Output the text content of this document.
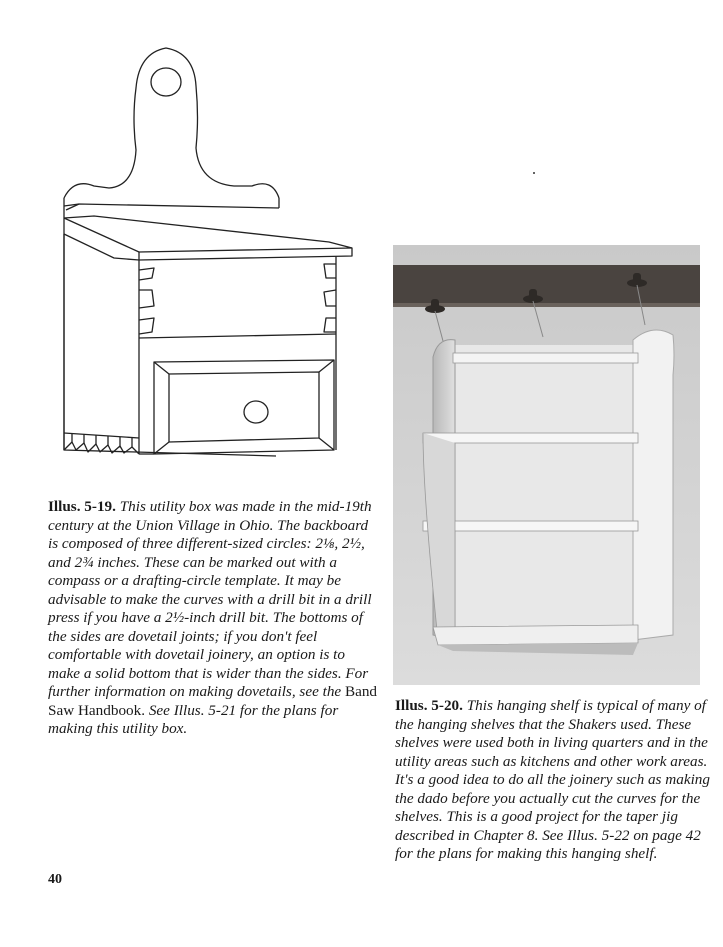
Illus. 5-19. This utility box was made in the mid-19th century at the Union Village in Ohio. The backboard is composed of three different-sized circles: 2⅛, 2½, and 2¾ inches. These can be marked out with a compass or a drafting-circle template. It may be advisable to make the curves with a drill bit in a drill press if you have a 2½-inch drill bit. The bottoms of the sides are dovetail joints; if you don't feel comfortable with dovetail joinery, an option is to make a solid bottom that is wider than the sides. For further information on making dovetails, see the Band Saw Handbook. See Illus. 5-21 for the plans for making this utility box.

Illus. 5-20. This hanging shelf is typical of many of the hanging shelves that the Shakers used. These shelves were used both in living quarters and in the utility areas such as kitchens and other work areas. It's a good idea to do all the joinery such as making the dado before you actually cut the curves for the shelves. This is a good project for the taper jig described in Chapter 8. See Illus. 5-22 on page 42 for the plans for making this hanging shelf.

40
